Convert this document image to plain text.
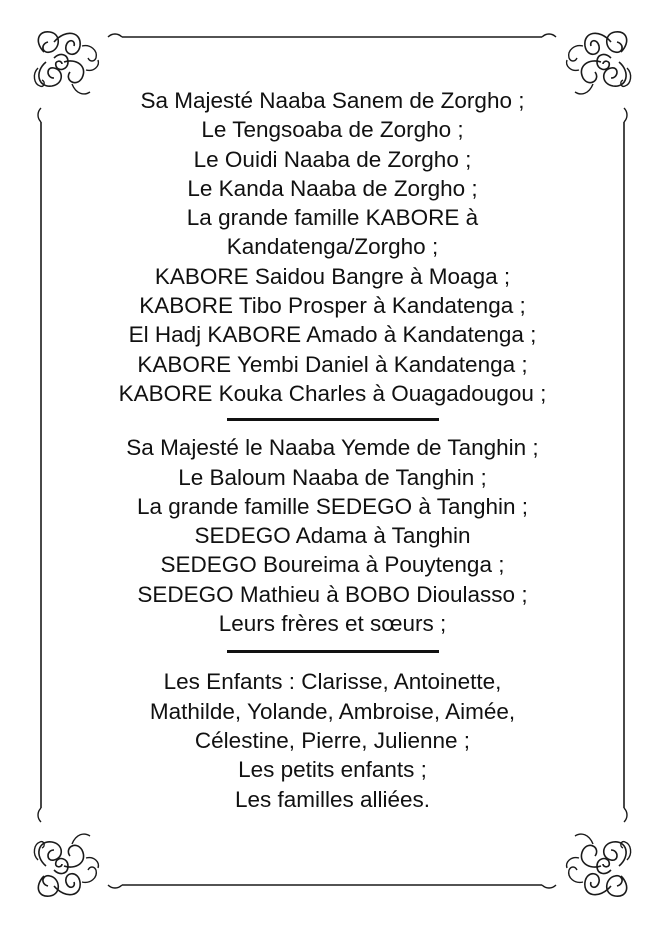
Sa Majesté Naaba Sanem de Zorgho ;
Le Tengsoaba de Zorgho ;
Le Ouidi Naaba de Zorgho ;
Le Kanda Naaba de Zorgho ;
La grande famille KABORE à
Kandatenga/Zorgho ;
KABORE Saidou Bangre à Moaga ;
KABORE Tibo Prosper à Kandatenga ;
El Hadj KABORE Amado à Kandatenga ;
KABORE Yembi Daniel à Kandatenga ;
KABORE Kouka Charles à Ouagadougou ;
Sa Majesté le Naaba Yemde de Tanghin ;
Le Baloum Naaba de Tanghin ;
La grande famille SEDEGO à Tanghin ;
SEDEGO Adama à Tanghin
SEDEGO Boureima à Pouytenga ;
SEDEGO Mathieu à BOBO Dioulasso ;
Leurs frères et sœurs ;
Les Enfants : Clarisse, Antoinette,
Mathilde, Yolande, Ambroise, Aimée,
Célestine, Pierre, Julienne ;
Les petits enfants ;
Les familles alliées.
